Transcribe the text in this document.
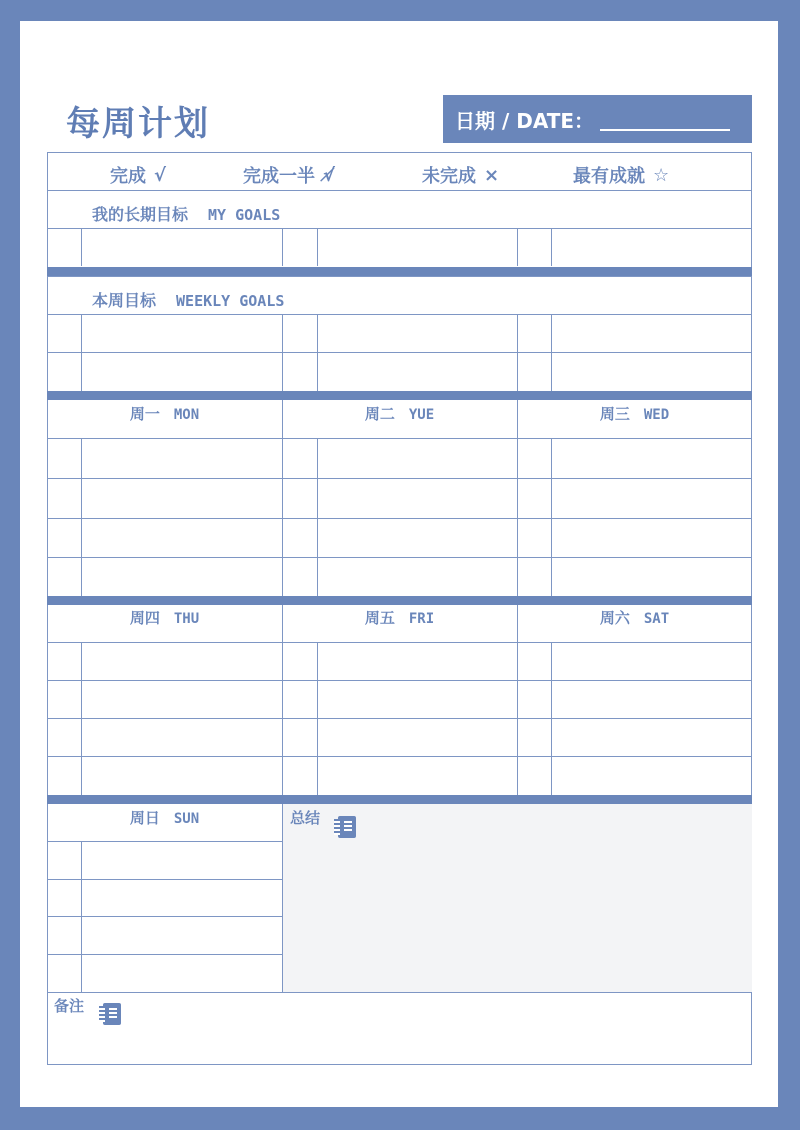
每周计划	日期 / DATE：
完成 √	完成一半 √̸	未完成 ×	最有成就 ☆
我的长期目标 MY GOALS
本周目标 WEEKLY GOALS
周一 MON	周二 YUE	周三 WED
周四 THU	周五 FRI	周六 SAT
周日 SUN	总结
备注
